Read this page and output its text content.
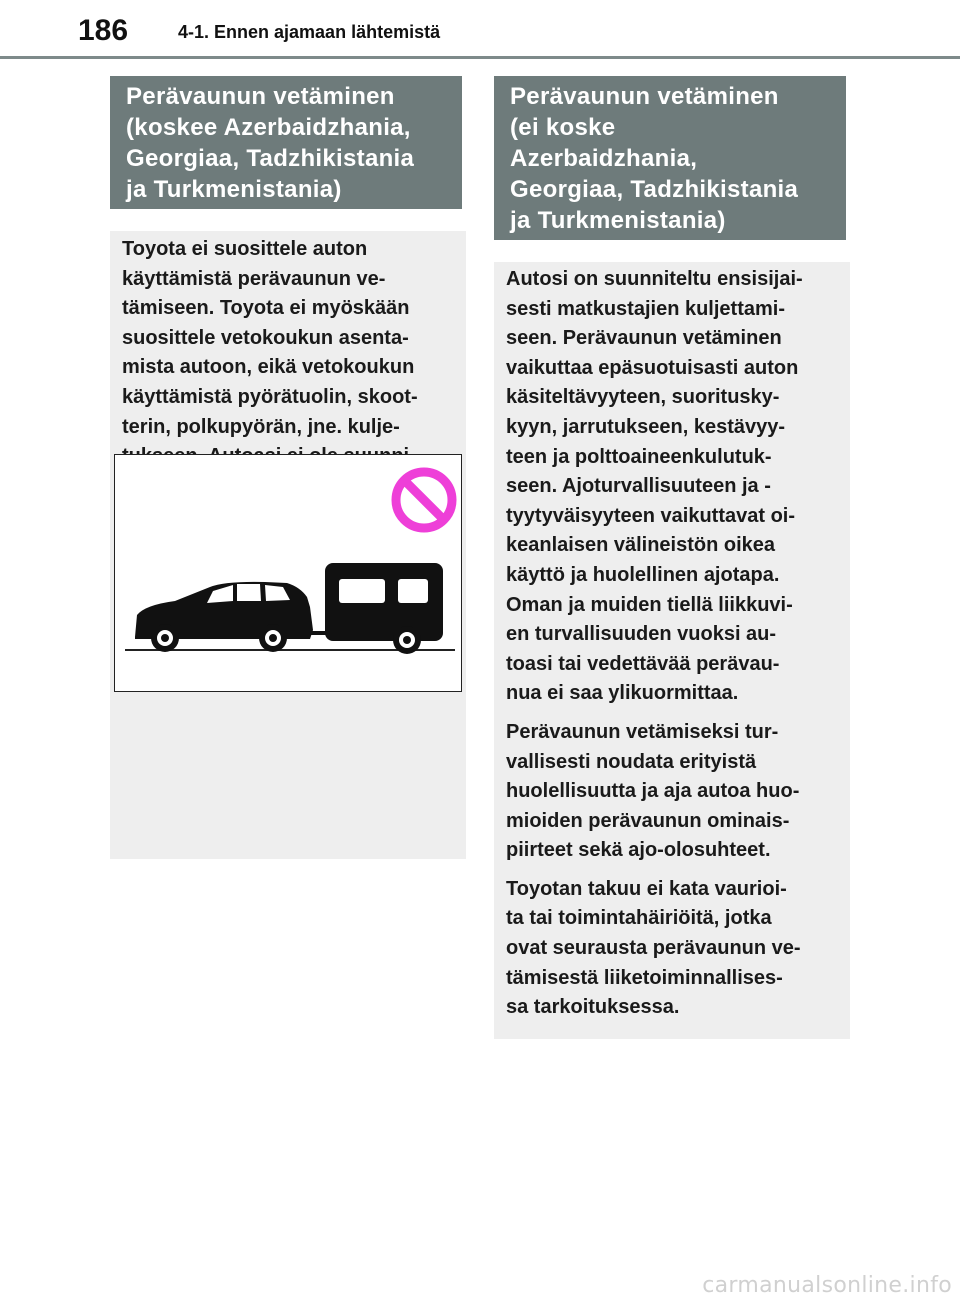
186	4-1. Ennen ajamaan lähtemistä
Perävaunun vetäminen
(koskee Azerbaidzhania,
Georgiaa, Tadzhikistania
ja Turkmenistania)
Toyota ei suosittele auton
käyttämistä perävaunun ve-
tämiseen. Toyota ei myöskään
suosittele vetokoukun asenta-
mista autoon, eikä vetokoukun
käyttämistä pyörätuolin, skoot-
terin, polkupyörän, jne. kulje-
Perävaunun vetäminen
(ei koske
Azerbaidzhania,
Georgiaa, Tadzhikistania
ja Turkmenistania)
Autosi on suunniteltu ensisijai-
sesti matkustajien kuljettami-
seen. Perävaunun vetäminen
vaikuttaa epäsuotuisasti auton
käsiteltävyyteen, suoritusky-
kyyn, jarrutukseen, kestävyy-
teen ja polttoaineenkulutuk-
seen. Ajoturvallisuuteen ja -
tyytyväisyyteen vaikuttavat oi-
keanlaisen välineistön oikea
käyttö ja huolellinen ajotapa.
Oman ja muiden tiellä liikkuvi-
en turvallisuuden vuoksi au-
toasi tai vedettävää perävau-
nua ei saa ylikuormittaa.
Perävaunun vetämiseksi tur-
vallisesti noudata erityistä
huolellisuutta ja aja autoa huo-
mioiden perävaunun ominais-
piirteet sekä ajo-olosuhteet.
Toyotan takuu ei kata vaurioi-
ta tai toimintahäiriöitä, jotka
ovat seurausta perävaunun ve-
tämisestä liiketoiminnallises-
sa tarkoituksessa.
carmanualsonline.info
